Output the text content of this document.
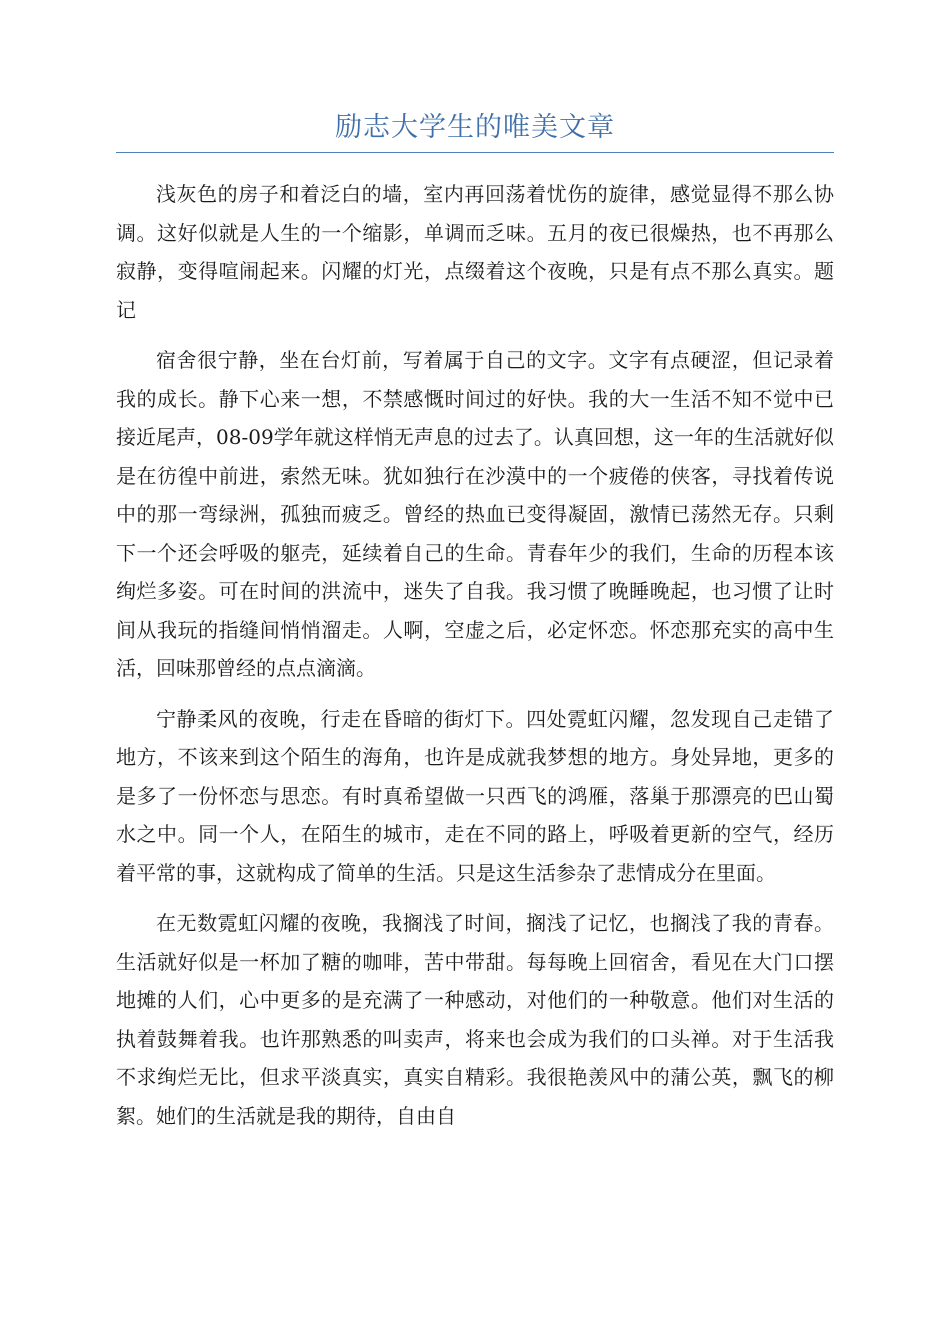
励志大学生的唯美文章

浅灰色的房子和着泛白的墙，室内再回荡着忧伤的旋律，感觉显得不那么协调。这好似就是人生的一个缩影，单调而乏味。五月的夜已很燥热，也不再那么寂静，变得喧闹起来。闪耀的灯光，点缀着这个夜晚，只是有点不那么真实。题记

宿舍很宁静，坐在台灯前，写着属于自己的文字。文字有点硬涩，但记录着我的成长。静下心来一想，不禁感慨时间过的好快。我的大一生活不知不觉中已接近尾声，08-09学年就这样悄无声息的过去了。认真回想，这一年的生活就好似是在彷徨中前进，索然无味。犹如独行在沙漠中的一个疲倦的侠客，寻找着传说中的那一弯绿洲，孤独而疲乏。曾经的热血已变得凝固，激情已荡然无存。只剩下一个还会呼吸的躯壳，延续着自己的生命。青春年少的我们，生命的历程本该绚烂多姿。可在时间的洪流中，迷失了自我。我习惯了晚睡晚起，也习惯了让时间从我玩的指缝间悄悄溜走。人啊，空虚之后，必定怀恋。怀恋那充实的高中生活，回味那曾经的点点滴滴。

宁静柔风的夜晚，行走在昏暗的街灯下。四处霓虹闪耀，忽发现自己走错了地方，不该来到这个陌生的海角，也许是成就我梦想的地方。身处异地，更多的是多了一份怀恋与思恋。有时真希望做一只西飞的鸿雁，落巢于那漂亮的巴山蜀水之中。同一个人，在陌生的城市，走在不同的路上，呼吸着更新的空气，经历着平常的事，这就构成了简单的生活。只是这生活参杂了悲情成分在里面。

在无数霓虹闪耀的夜晚，我搁浅了时间，搁浅了记忆，也搁浅了我的青春。生活就好似是一杯加了糖的咖啡，苦中带甜。每每晚上回宿舍，看见在大门口摆地摊的人们，心中更多的是充满了一种感动，对他们的一种敬意。他们对生活的执着鼓舞着我。也许那熟悉的叫卖声，将来也会成为我们的口头禅。对于生活我不求绚烂无比，但求平淡真实，真实自精彩。我很艳羡风中的蒲公英，飘飞的柳絮。她们的生活就是我的期待，自由自
